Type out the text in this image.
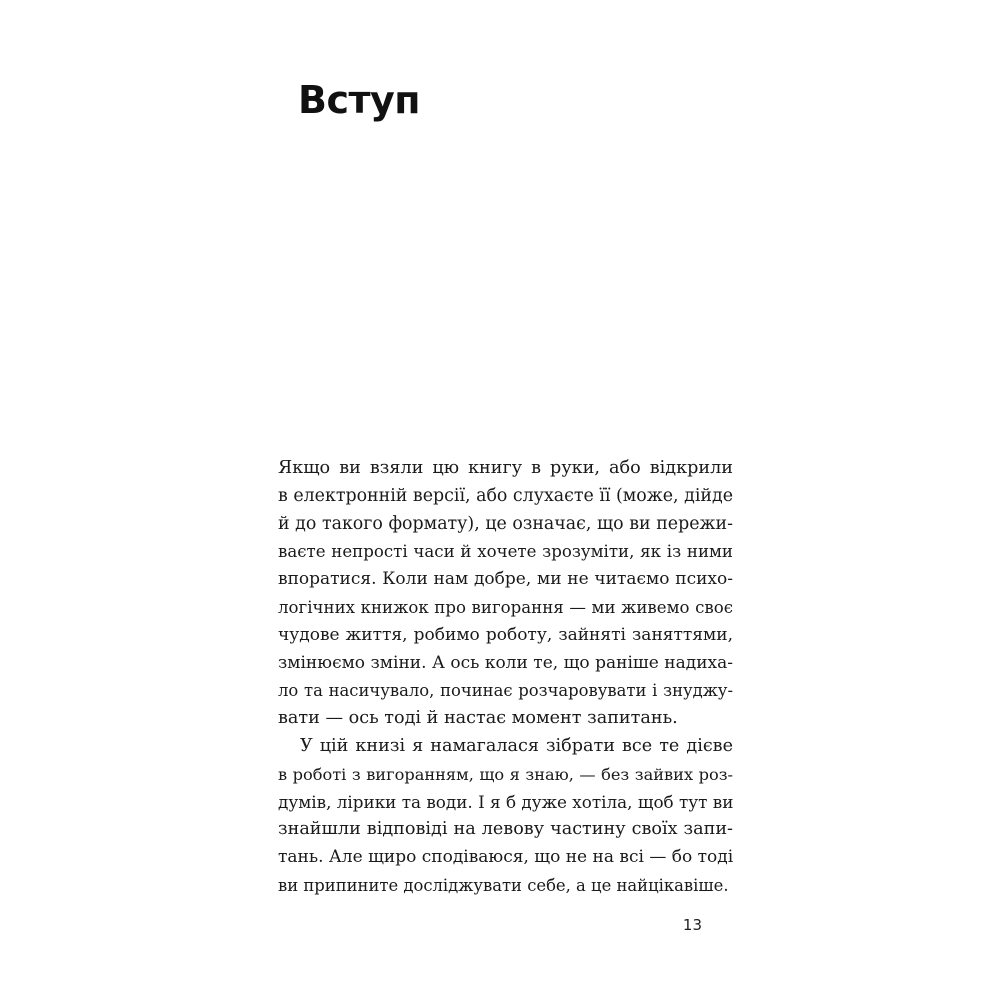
Вступ
Якщо ви взяли цю книгу в руки, або відкрили
в електронній версії, або слухаєте її (може, дійде
й до такого формату), це означає, що ви пережи-
ваєте непрості часи й хочете зрозуміти, як із ними
впоратися. Коли нам добре, ми не читаємо психо-
логічних книжок про вигорання — ми живемо своє
чудове життя, робимо роботу, зайняті заняттями,
змінюємо зміни. А ось коли те, що раніше надиха-
ло та насичувало, починає розчаровувати і знуджу-
вати — ось тоді й настає момент запитань.
У цій книзі я намагалася зібрати все те дієве
в роботі з вигоранням, що я знаю, — без зайвих роз-
думів, лірики та води. І я б дуже хотіла, щоб тут ви
знайшли відповіді на левову частину своїх запи-
тань. Але щиро сподіваюся, що не на всі — бо тоді
ви припините досліджувати себе, а це найцікавіше.
13
